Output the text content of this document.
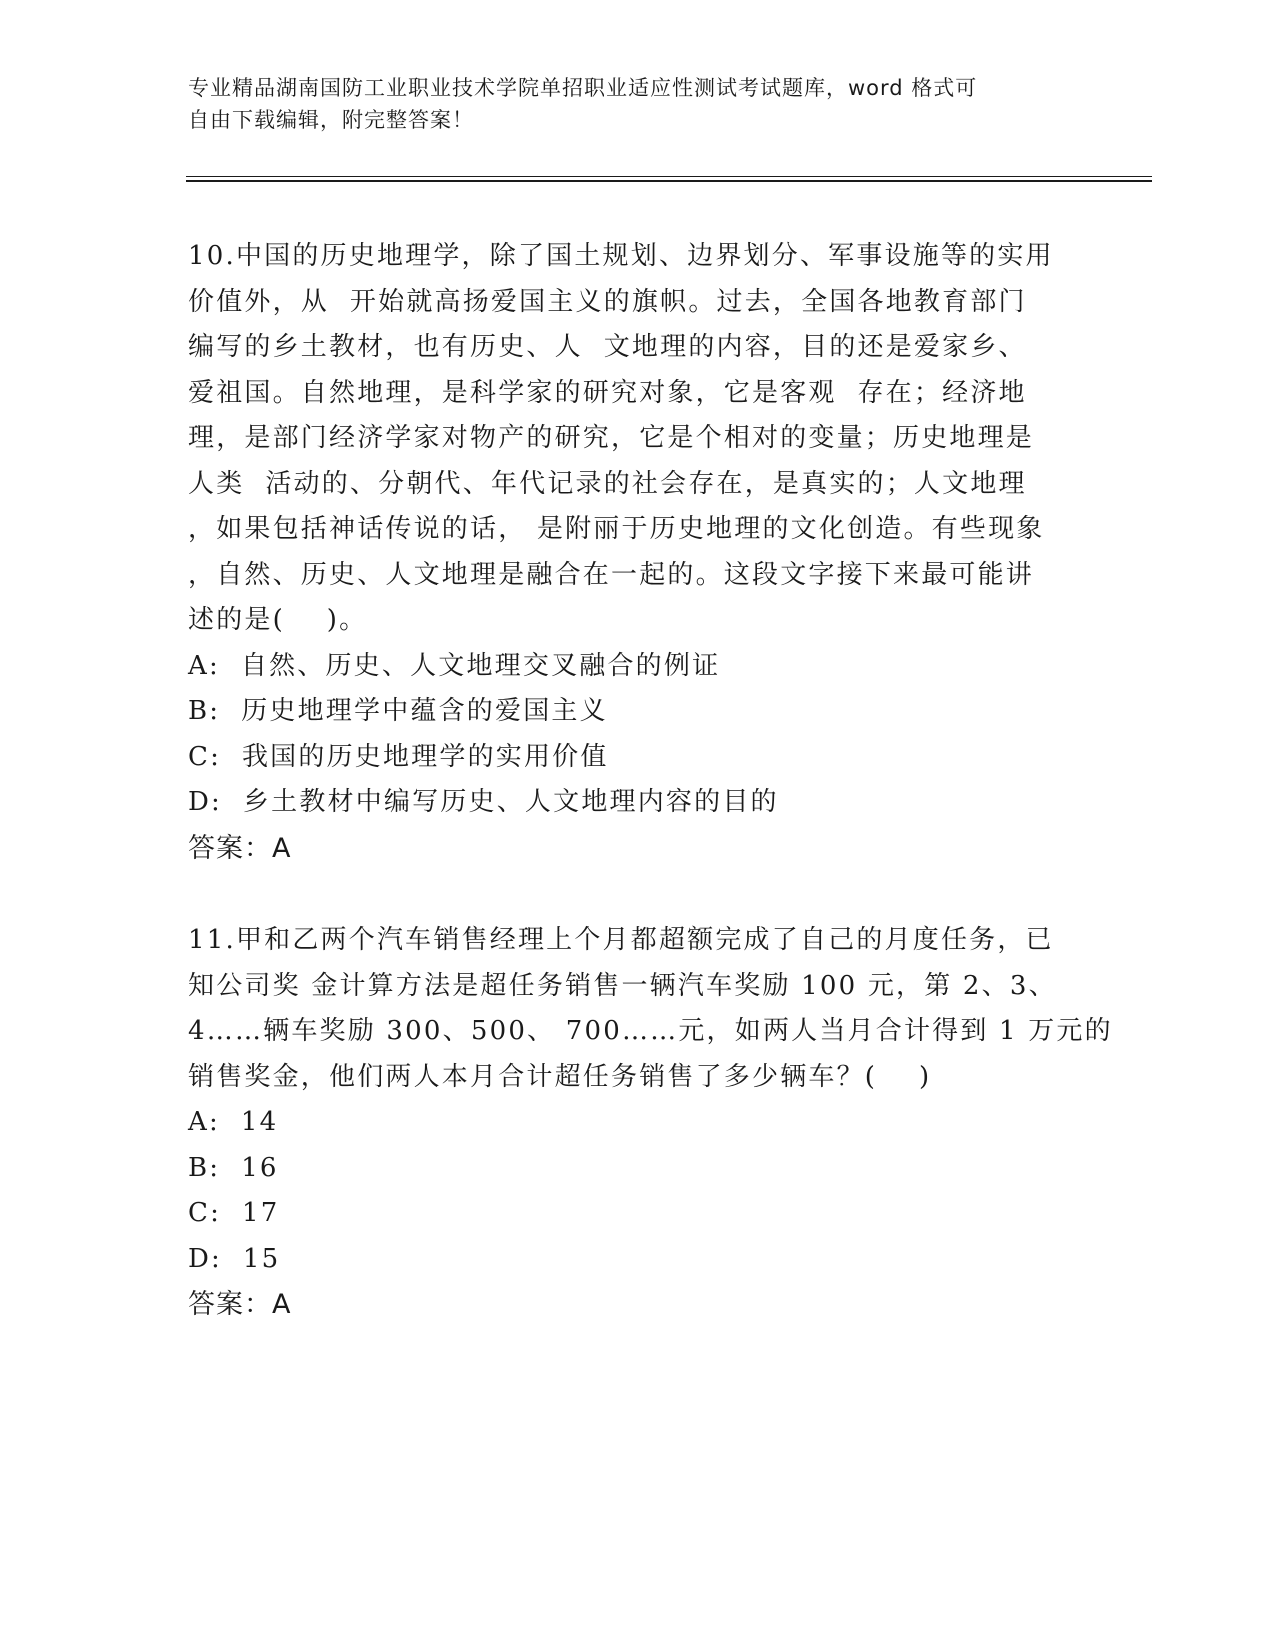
专业精品湖南国防工业职业技术学院单招职业适应性测试考试题库，word 格式可

自由下载编辑，附完整答案！

10.中国的历史地理学，除了国土规划、边界划分、军事设施等的实用
价值外，从  开始就高扬爱国主义的旗帜。过去，全国各地教育部门
编写的乡土教材，也有历史、人  文地理的内容，目的还是爱家乡、
爱祖国。自然地理，是科学家的研究对象，它是客观  存在；经济地
理，是部门经济学家对物产的研究，它是个相对的变量；历史地理是
人类  活动的、分朝代、年代记录的社会存在，是真实的；人文地理
，如果包括神话传说的话， 是附丽于历史地理的文化创造。有些现象
，自然、历史、人文地理是融合在一起的。这段文字接下来最可能讲
述的是(    )。
A:  自然、历史、人文地理交叉融合的例证
B:  历史地理学中蕴含的爱国主义
C:  我国的历史地理学的实用价值
D:  乡土教材中编写历史、人文地理内容的目的
答案：A
11.甲和乙两个汽车销售经理上个月都超额完成了自己的月度任务，已
知公司奖 金计算方法是超任务销售一辆汽车奖励 100 元，第 2、3、
4……辆车奖励 300、500、 700……元，如两人当月合计得到 1 万元的
销售奖金，他们两人本月合计超任务销售了多少辆车？(    )
A:  14
B:  16
C:  17
D:  15
答案：A
